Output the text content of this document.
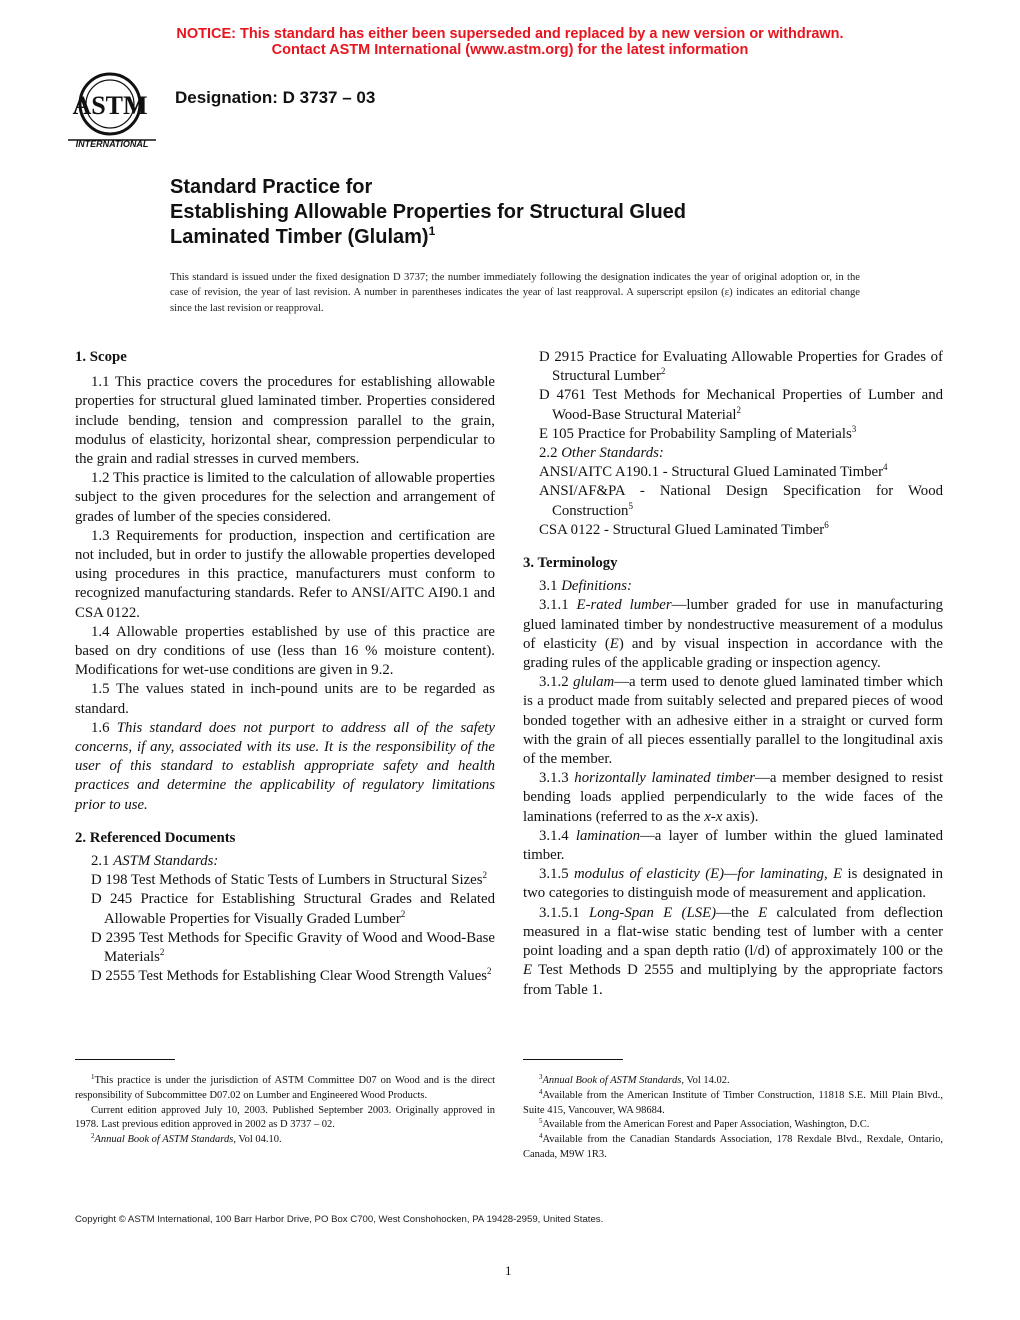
NOTICE: This standard has either been superseded and replaced by a new version or withdrawn.
Contact ASTM International (www.astm.org) for the latest information
ASTM
INTERNATIONAL
Designation: D 3737 – 03
Standard Practice for
Establishing Allowable Properties for Structural Glued
Laminated Timber (Glulam)$^1$
This standard is issued under the fixed designation D 3737; the number immediately following the designation indicates the year of original adoption or, in the case of revision, the year of last revision. A number in parentheses indicates the year of last reapproval. A superscript epsilon (ε) indicates an editorial change since the last revision or reapproval.

1. Scope

1.1 This practice covers the procedures for establishing allowable properties for structural glued laminated timber. Properties considered include bending, tension and compression parallel to the grain, modulus of elasticity, horizontal shear, compression perpendicular to the grain and radial stresses in curved members.

1.2 This practice is limited to the calculation of allowable properties subject to the given procedures for the selection and arrangement of grades of lumber of the species considered.

1.3 Requirements for production, inspection and certification are not included, but in order to justify the allowable properties developed using procedures in this practice, manufacturers must conform to recognized manufacturing standards. Refer to ANSI/AITC AI90.1 and CSA 0122.

1.4 Allowable properties established by use of this practice are based on dry conditions of use (less than 16 % moisture content). Modifications for wet-use conditions are given in 9.2.

1.5 The values stated in inch-pound units are to be regarded as standard.

1.6 This standard does not purport to address all of the safety concerns, if any, associated with its use. It is the responsibility of the user of this standard to establish appropriate safety and health practices and determine the applicability of regulatory limitations prior to use.

2. Referenced Documents

2.1 ASTM Standards:

D 198 Test Methods of Static Tests of Lumbers in Structural Sizes$^2$

D 245 Practice for Establishing Structural Grades and Related Allowable Properties for Visually Graded Lumber$^2$

D 2395 Test Methods for Specific Gravity of Wood and Wood-Base Materials$^2$

D 2555 Test Methods for Establishing Clear Wood Strength Values$^2$

D 2915 Practice for Evaluating Allowable Properties for Grades of Structural Lumber$^2$

D 4761 Test Methods for Mechanical Properties of Lumber and Wood-Base Structural Material$^2$

E 105 Practice for Probability Sampling of Materials$^3$

2.2 Other Standards:

ANSI/AITC A190.1 - Structural Glued Laminated Timber$^4$

ANSI/AF&PA - National Design Specification for Wood Construction$^5$

CSA 0122 - Structural Glued Laminated Timber$^6$

3. Terminology

3.1 Definitions:

3.1.1 E-rated lumber—lumber graded for use in manufacturing glued laminated timber by nondestructive measurement of a modulus of elasticity (E) and by visual inspection in accordance with the grading rules of the applicable grading or inspection agency.

3.1.2 glulam—a term used to denote glued laminated timber which is a product made from suitably selected and prepared pieces of wood bonded together with an adhesive either in a straight or curved form with the grain of all pieces essentially parallel to the longitudinal axis of the member.

3.1.3 horizontally laminated timber—a member designed to resist bending loads applied perpendicularly to the wide faces of the laminations (referred to as the x-x axis).

3.1.4 lamination—a layer of lumber within the glued laminated timber.

3.1.5 modulus of elasticity (E)—for laminating, E is designated in two categories to distinguish mode of measurement and application.

3.1.5.1 Long-Span E (LSE)—the E calculated from deflection measured in a flat-wise static bending test of lumber with a center point loading and a span depth ratio (l/d) of approximately 100 or the E Test Methods D 2555 and multiplying by the appropriate factors from Table 1.

$^1$This practice is under the jurisdiction of ASTM Committee D07 on Wood and is the direct responsibility of Subcommittee D07.02 on Lumber and Engineered Wood Products.

Current edition approved July 10, 2003. Published September 2003. Originally approved in 1978. Last previous edition approved in 2002 as D 3737 – 02.

$^2$Annual Book of ASTM Standards, Vol 04.10.

$^3$Annual Book of ASTM Standards, Vol 14.02.

$^4$Available from the American Institute of Timber Construction, 11818 S.E. Mill Plain Blvd., Suite 415, Vancouver, WA 98684.

$^5$Available from the American Forest and Paper Association, Washington, D.C.

$^4$Available from the Canadian Standards Association, 178 Rexdale Blvd., Rexdale, Ontario, Canada, M9W 1R3.

Copyright © ASTM International, 100 Barr Harbor Drive, PO Box C700, West Conshohocken, PA 19428-2959, United States.
1
